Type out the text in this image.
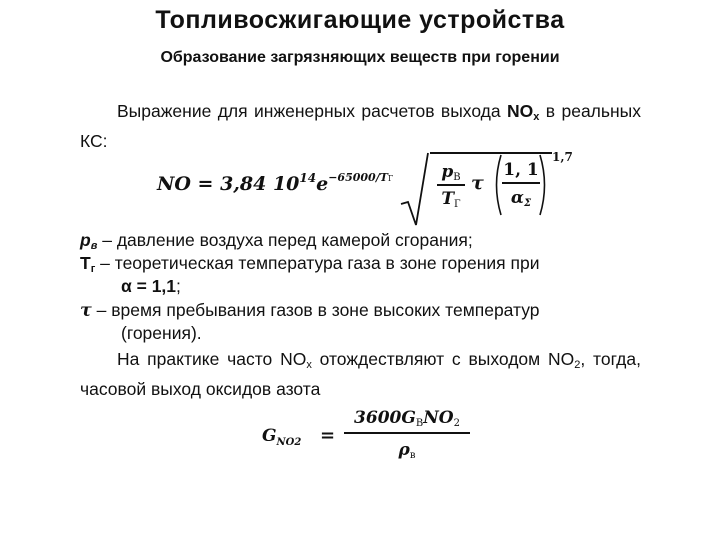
Топливосжигающие устройства
Образование загрязняющих веществ при горении
Выражение для инженерных расчетов выхода $NO_x$ в реальных КС:
NO = 3,84 $10^{14}e^{-65000/TГ}$	pВ
TГ
τ
1, 1
αΣ
1,7
$p_в$ – давление воздуха перед камерой сгорания;
$T_г$ – теоретическая температура газа в зоне горения при
α = 1,1;
τ – время пребывания газов в зоне высоких температур
(горения).
На практике часто $NO_x$ отождествляют с выходом $NO_2$, тогда, часовой выход оксидов азота
$G_{NO2}$ =
3600GВNO2
ρв
